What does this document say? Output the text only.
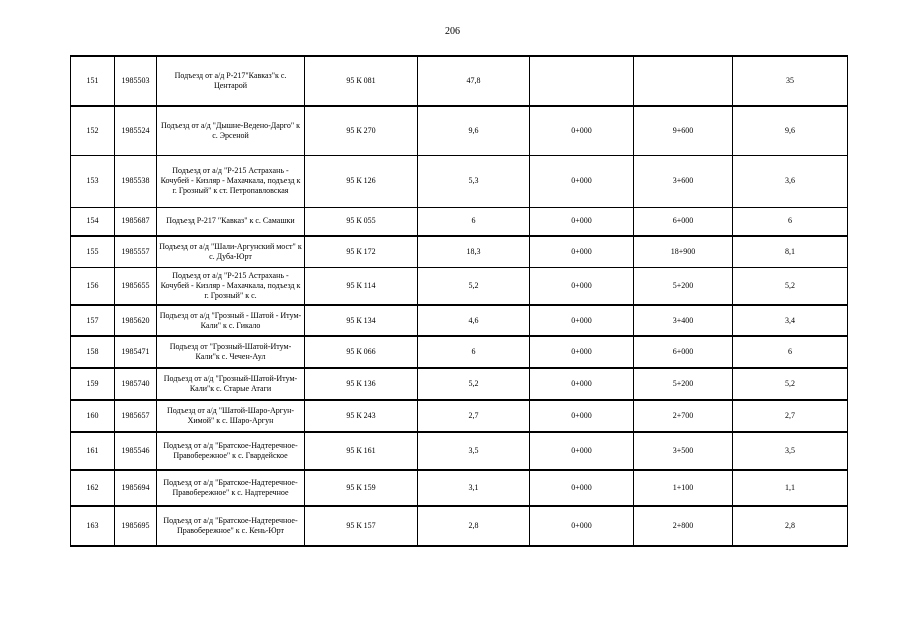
206
151	1985503	Подъезд от а/д Р-217"Кавказ"к с. Центарой	95 К 081	47,8			35
152	1985524	Подъезд от а/д "Дышне-Ведено-Дарго" к с. Эрсеной	95 К 270	9,6	0+000	9+600	9,6
153	1985538	Подъезд от а/д "Р-215 Астрахань - Кочубей - Кизляр - Махачкала, подъезд к г. Грозный" к ст. Петропавловская	95 К 126	5,3	0+000	3+600	3,6
154	1985687	Подъезд Р-217 "Кавказ" к с. Самашки	95 К 055	6	0+000	6+000	6
155	1985557	Подъезд от а/д "Шали-Аргунский мост" к с. Дуба-Юрт	95 К 172	18,3	0+000	18+900	8,1
156	1985655	Подъезд от а/д "Р-215 Астрахань - Кочубей - Кизляр - Махачкала, подъезд к г. Грозный" к с.	95 К 114	5,2	0+000	5+200	5,2
157	1985620	Подъезд от а/д "Грозный - Шатой - Итум-Кали" к с. Гикало	95 К 134	4,6	0+000	3+400	3,4
158	1985471	Подъезд от "Грозный-Шатой-Итум-Кали"к с. Чечен-Аул	95 К 066	6	0+000	6+000	6
159	1985740	Подъезд от а/д "Грозный-Шатой-Итум-Кали"к с. Старые Атаги	95 К 136	5,2	0+000	5+200	5,2
160	1985657	Подъезд от а/д "Шатой-Шаро-Аргун-Химой" к с. Шаро-Аргун	95 К 243	2,7	0+000	2+700	2,7
161	1985546	Подъезд от а/д "Братское-Надтеречное-Правобережное" к с. Гвардейское	95 К 161	3,5	0+000	3+500	3,5
162	1985694	Подъезд от а/д "Братское-Надтеречное-Правобережное" к с. Надтеречное	95 К 159	3,1	0+000	1+100	1,1
163	1985695	Подъезд от а/д "Братское-Надтеречное-Правобережное" к с. Кень-Юрт	95 К 157	2,8	0+000	2+800	2,8
